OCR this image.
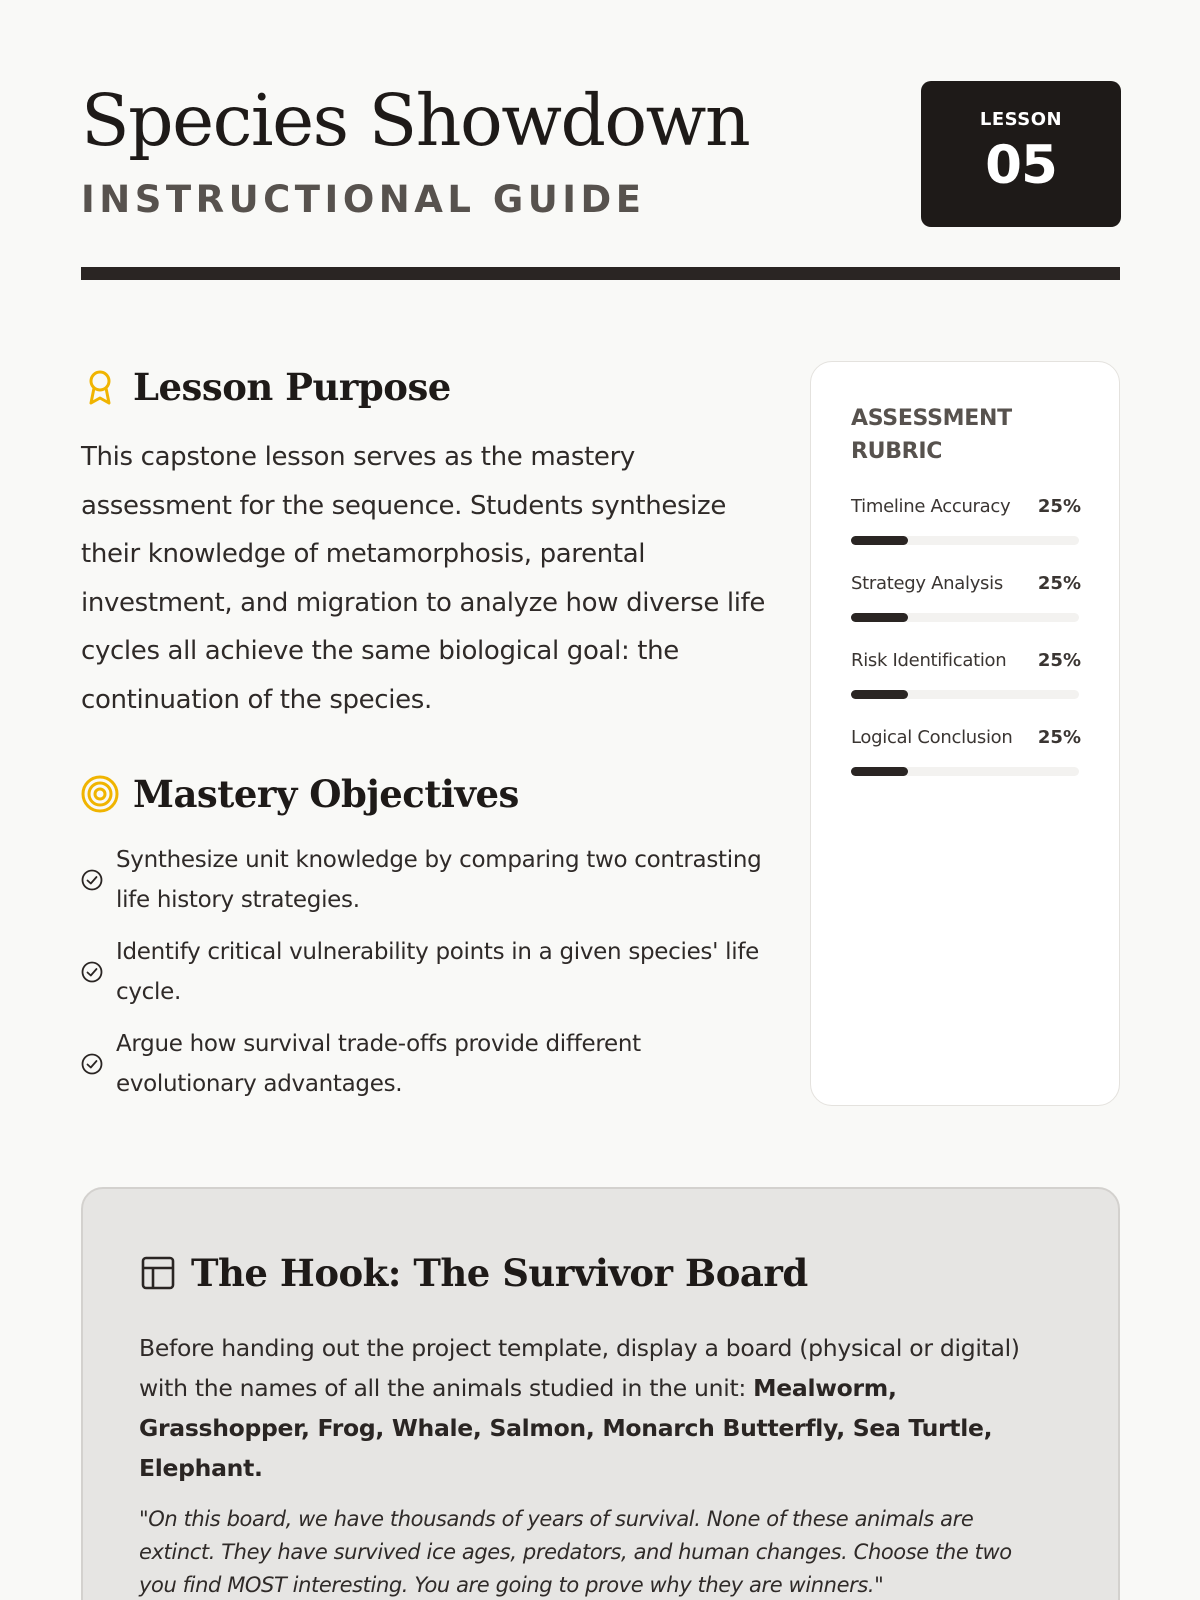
Species Showdown
INSTRUCTIONAL GUIDE
LESSON
05
Lesson Purpose

This capstone lesson serves as the mastery assessment for the sequence. Students synthesize their knowledge of metamorphosis, parental investment, and migration to analyze how diverse life cycles all achieve the same biological goal: the continuation of the species.

Mastery Objectives
Synthesize unit knowledge by comparing two contrasting life history strategies.
Identify critical vulnerability points in a given species' life cycle.
Argue how survival trade-offs provide different evolutionary advantages.
ASSESSMENT RUBRIC
Timeline Accuracy 25%
Strategy Analysis 25%
Risk Identification 25%
Logical Conclusion 25%
The Hook: The Survivor Board

Before handing out the project template, display a board (physical or digital) with the names of all the animals studied in the unit: Mealworm, Grasshopper, Frog, Whale, Salmon, Monarch Butterfly, Sea Turtle, Elephant.

"On this board, we have thousands of years of survival. None of these animals are extinct. They have survived ice ages, predators, and human changes. Choose the two you find MOST interesting. You are going to prove why they are winners."
